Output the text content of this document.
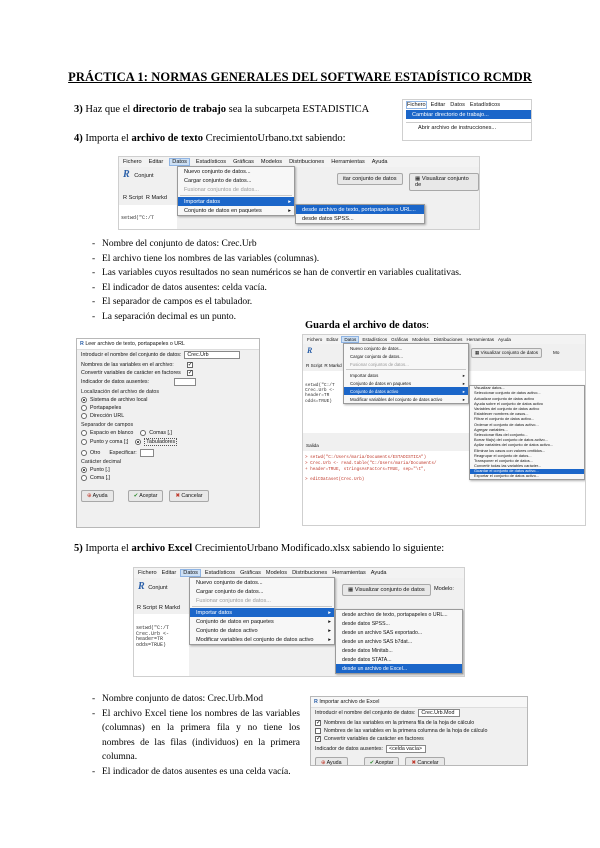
PRÁCTICA 1: NORMAS GENERALES DEL SOFTWARE ESTADÍSTICO RCMDR
3) Haz que el directorio de trabajo sea la subcarpeta ESTADISTICA	Fichero Editar Datos Estadísticos
Cambiar directorio de trabajo...
Abrir archivo de instrucciones...
4) Importa el archivo de texto CrecimientoUrbano.txt sabiendo:
Fichero Editar	Datos	Estadísticos Gráficas Modelos Distribuciones Herramientas Ayuda
R Conjunt	itar conjunto de datos	▦ Visualizar conjunto de
R Script R Markd
setwd("C:/T
Nuevo conjunto de datos...
Cargar conjunto de datos...
Fusionar conjuntos de datos...
Importar datos	▸
Conjunto de datos en paquetes	▸	desde archivo de texto, portapapeles o URL...
desde datos SPSS...
- Nombre del conjunto de datos: Crec.Urb
- El archivo tiene los nombres de las variables (columnas).
- Las variables cuyos resultados no sean numéricos se han de convertir en variables cualitativas.
- El indicador de datos ausentes: celda vacía.
- El separador de campos es el tabulador.
- La separación decimal es un punto.
Guarda el archivo de datos:
R Leer archivo de texto, portapapeles o URL
Introducir el nombre del conjunto de datos:	Crec.Urb
Nombres de las variables en el archivo: ✓
Convertir variables de carácter en factores ✓
Indicador de datos ausentes:
Localización del archivo de datos
Sistema de archivo local
Portapapeles
Dirección URL
Separador de campos
Espacio en blanco	Comas [,]
Punto y coma [;]	Tabuladores
Otro Especificar:
Carácter decimal
Punto [.]
Coma [,]
⊕ Ayuda	✔ Aceptar	✖ Cancelar
Fichero Editar	Datos	Estadísticos Gráficas Modelos Distribuciones Herramientas Ayuda
R	▦ Visualizar conjunto de datos	Mo
R Script R Markd
setwd("C:/T
Crec.Urb <-
header=TR
odds=TRUE)
Salida
> setwd("C:/Users/maria/Documents/ESTADISTICA")
> Crec.Urb <- read.table("C:/Users/maria/Documents/
+ header=TRUE, stringsAsFactors=TRUE, sep="\t",
> editDataset(Crec.Urb)
Nuevo conjunto de datos...
Cargar conjunto de datos...
Fusionar conjuntos de datos...
Importar datos	▸
Conjunto de datos en paquetes	▸
Conjunto de datos activo	▸
Modificar variables del conjunto de datos activo	▸
Visualizar datos...
Seleccionar conjunto de datos activo...
Actualizar conjunto de datos activo
Ayuda sobre el conjunto de datos activo
Variables del conjunto de datos activo
Establecer nombres de casos...
Filtrar el conjunto de datos activo...
Ordenar el conjunto de datos activo...
Agregar variables...
Seleccionar filas del conjunto...
Borrar fila(s) del conjunto de datos activo...
Apilar variables del conjunto de datos activo...
Eliminar los casos con valores omitidos...
Reagrupar el conjunto de datos...
Transponer el conjunto de datos...
Convertir todas las variables carácter...
Guardar el conjunto de datos activo...
Exportar el conjunto de datos activo...
5) Importa el archivo Excel CrecimientoUrbano Modificado.xlsx sabiendo lo siguiente:
Fichero Editar	Datos	Estadísticos Gráficas Modelos Distribuciones Herramientas Ayuda
R Conjunt	▦ Visualizar conjunto de datos	Modelo:
R Script R Markd
setwd("C:/T
Crec.Urb <-
header=TR
odds=TRUE)
Nuevo conjunto de datos...
Cargar conjunto de datos...
Fusionar conjuntos de datos...
Importar datos	▸
Conjunto de datos en paquetes	▸
Conjunto de datos activo	▸
Modificar variables del conjunto de datos activo	▸
desde archivo de texto, portapapeles o URL...
desde datos SPSS...
desde un archivo SAS exportado...
desde un archivo SAS b7dat...
desde datos Minitab...
desde datos STATA...
desde un archivo de Excel...
- Nombre conjunto de datos: Crec.Urb.Mod
- El archivo Excel tiene los nombres de las variables (columnas) en la primera fila y no tiene los nombres de las filas (individuos) en la primera columna.
- El indicador de datos ausentes es una celda vacía.
R Importar archivo de Excel
Introducir el nombre del conjunto de datos:	Crec.Urb.Mod
✓ Nombres de las variables en la primera fila de la hoja de cálculo
Nombres de las variables en la primera columna de la hoja de cálculo
✓ Convertir variables de carácter en factores
Indicador de datos ausentes:	<celda vacía>
⊕ Ayuda	✔ Aceptar	✖ Cancelar
